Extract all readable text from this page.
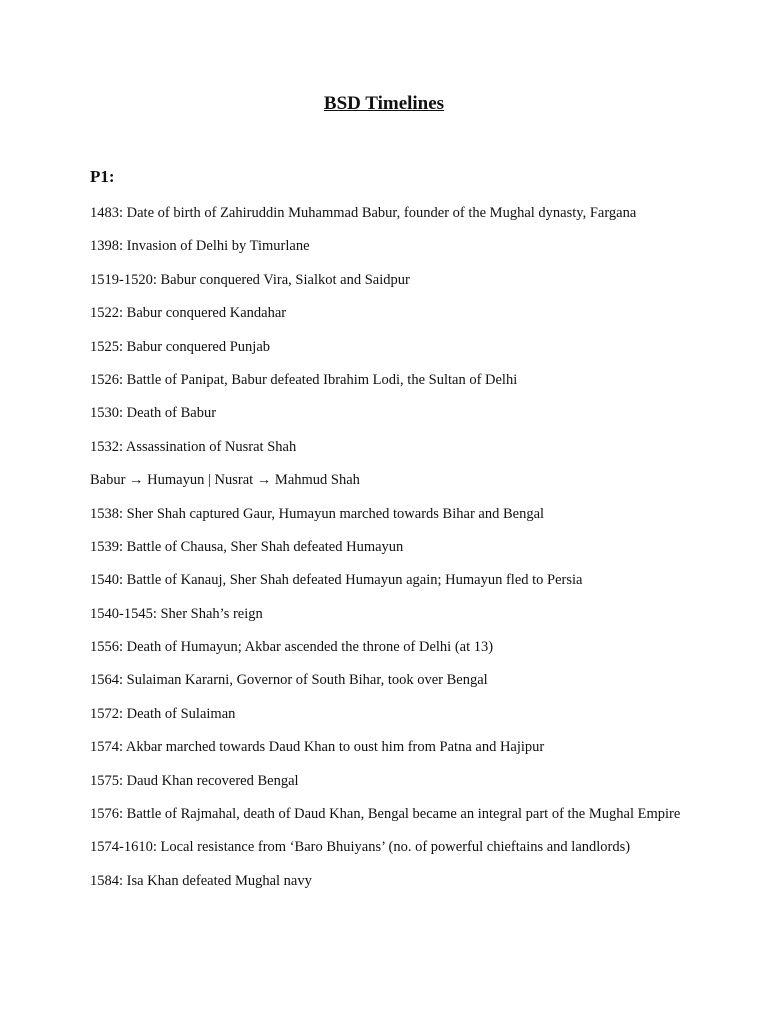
BSD Timelines
P1:
1483: Date of birth of Zahiruddin Muhammad Babur, founder of the Mughal dynasty, Fargana
1398: Invasion of Delhi by Timurlane
1519-1520: Babur conquered Vira, Sialkot and Saidpur
1522: Babur conquered Kandahar
1525: Babur conquered Punjab
1526: Battle of Panipat, Babur defeated Ibrahim Lodi, the Sultan of Delhi
1530: Death of Babur
1532: Assassination of Nusrat Shah
Babur → Humayun | Nusrat → Mahmud Shah
1538: Sher Shah captured Gaur, Humayun marched towards Bihar and Bengal
1539: Battle of Chausa, Sher Shah defeated Humayun
1540: Battle of Kanauj, Sher Shah defeated Humayun again; Humayun fled to Persia
1540-1545: Sher Shah’s reign
1556: Death of Humayun; Akbar ascended the throne of Delhi (at 13)
1564: Sulaiman Kararni, Governor of South Bihar, took over Bengal
1572: Death of Sulaiman
1574: Akbar marched towards Daud Khan to oust him from Patna and Hajipur
1575: Daud Khan recovered Bengal
1576: Battle of Rajmahal, death of Daud Khan, Bengal became an integral part of the Mughal Empire
1574-1610: Local resistance from ‘Baro Bhuiyans’ (no. of powerful chieftains and landlords)
1584: Isa Khan defeated Mughal navy
